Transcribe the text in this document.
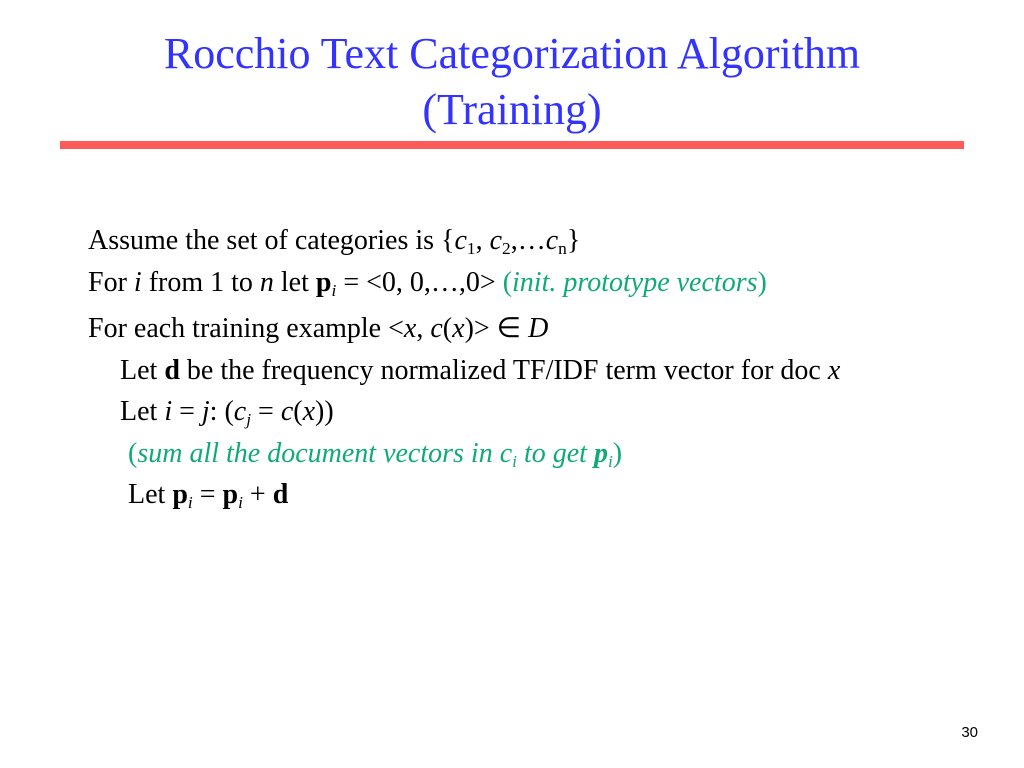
Rocchio Text Categorization Algorithm
(Training)
Assume the set of categories is {$c_1$, $c_2,\dots c_n$}
For i from 1 to n let $p_i = <0$, 0,…,0> (init. prototype vectors)
For each training example <x, c(x)> ∈ D
Let d be the frequency normalized TF/IDF term vector for doc x
Let i = j: $(c_j = c(x))$
(sum all the document vectors in $c_i$ to get $p_i$)
Let $p_i = p_i + d$
30
